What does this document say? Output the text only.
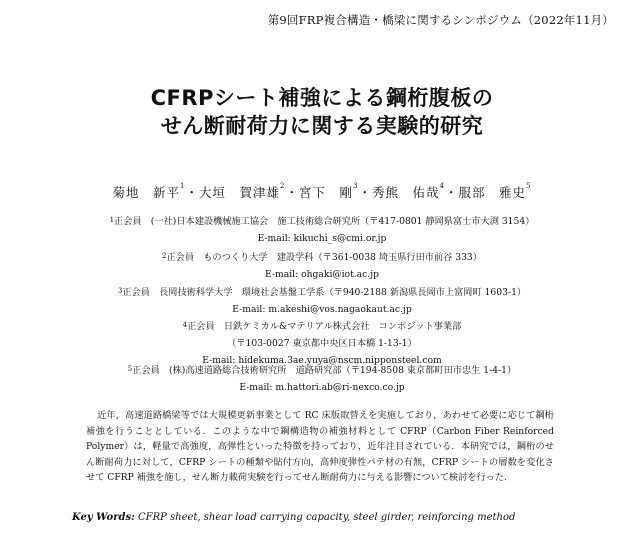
第9回FRP複合構造・橋梁に関するシンポジウム（2022年11月）
CFRPシート補強による鋼桁腹板の
せん断耐荷力に関する実験的研究
菊地　新平$^1$・大垣　賀津雄$^2$・宮下　剛$^3$・秀熊　佑哉$^4$・服部　雅史$^5$
$^1$正会員　(一社)日本建設機械施工協会　施工技術総合研究所（〒417-0801 静岡県富士市大渕 3154）
E-mail: kikuchi_s@cmi.or.jp
$^2$正会員　ものつくり大学　建設学科（〒361-0038 埼玉県行田市前谷 333）
E-mail: ohgaki@iot.ac.jp
$^3$正会員　長岡技術科学大学　環境社会基盤工学系（〒940-2188 新潟県長岡市上富岡町 1603-1）
E-mail: m.akeshi@vos.nagaokaut.ac.jp
$^4$正会員　日鉄ケミカル&マテリアル株式会社　コンポジット事業部
（〒103-0027 東京都中央区日本橋 1-13-1）
E-mail: hidekuma.3ae.yuya@nscm.nipponsteel.com
$^5$正会員　(株)高速道路総合技術研究所　道路研究部（〒194-8508 東京都町田市忠生 1-4-1）
E-mail: m.hattori.ab@ri-nexco.co.jp
近年，高速道路橋梁等では大規模更新事業として RC 床版取替えを実施しており，あわせて必要に応じて鋼桁補強を行うこととしている．このような中で鋼構造物の補強材料として CFRP（Carbon Fiber Reinforced Polymer）は，軽量で高強度，高弾性といった特徴を持っており，近年注目されている．本研究では，鋼桁のせん断耐荷力に対して，CFRP シートの種類や貼付方向，高伸度弾性パテ材の有無，CFRP シートの層数を変化させて CFRP 補強を施し，せん断力載荷実験を行ってせん断耐荷力に与える影響について検討を行った．
Key Words: CFRP sheet, shear load carrying capacity, steel girder, reinforcing method
